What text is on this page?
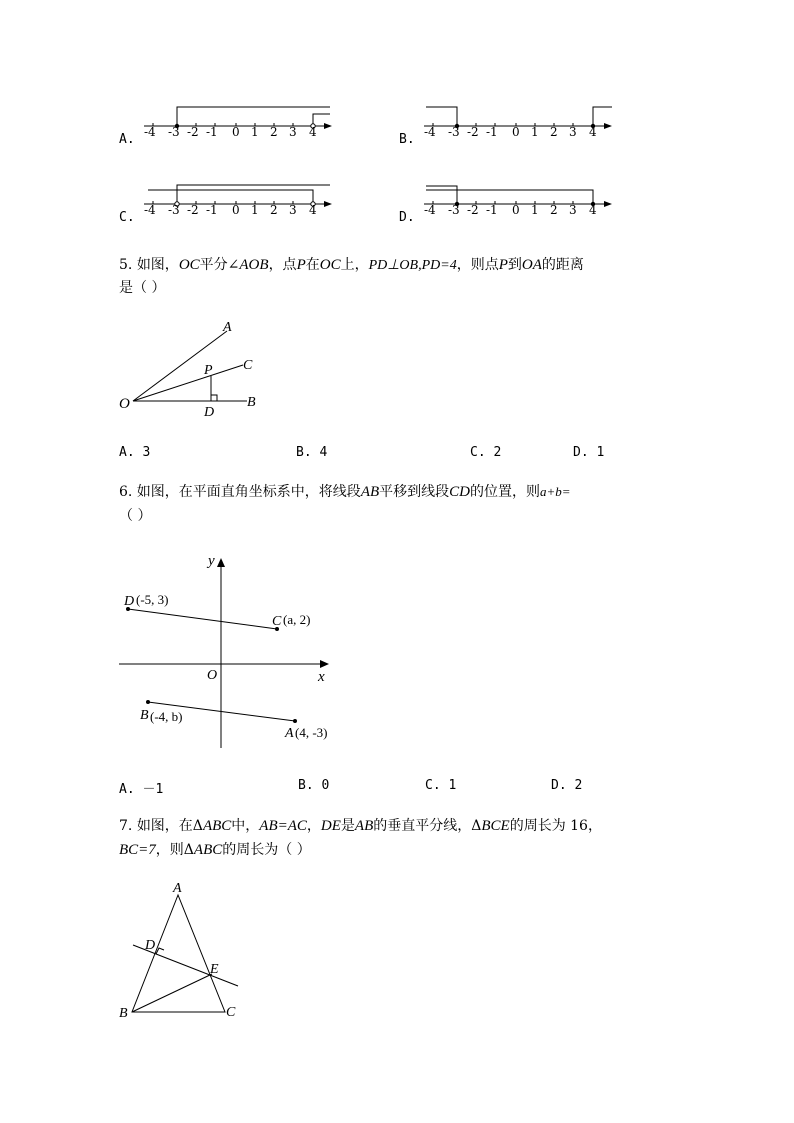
A. -4 -3 -2 -1 0 1 2 3 4	B. -4 -3 -2 -1 0 1 2 3 4
C. -4 -3 -2 -1 0 1 2 3 4	D. -4 -3 -2 -1 0 1 2 3 4
5. 如图，OC平分∠AOB，点P在OC上，PD⊥OB,PD=4，则点P到OA的距离
是（ ）
A
C
P
O
D
B
A. 3	B. 4	C. 2	D. 1
6. 如图，在平面直角坐标系中，将线段AB平移到线段CD的位置，则a+b=
（ ）
y
x
O
D (-5, 3)
C (a, 2)
B (-4, b)
A (4, -3)
A. －1	B. 0	C. 1	D. 2
7. 如图，在ΔABC中，AB=AC，DE是AB的垂直平分线，ΔBCE的周长为 16，
BC=7，则ΔABC的周长为（ ）
A
D
E
B	C
